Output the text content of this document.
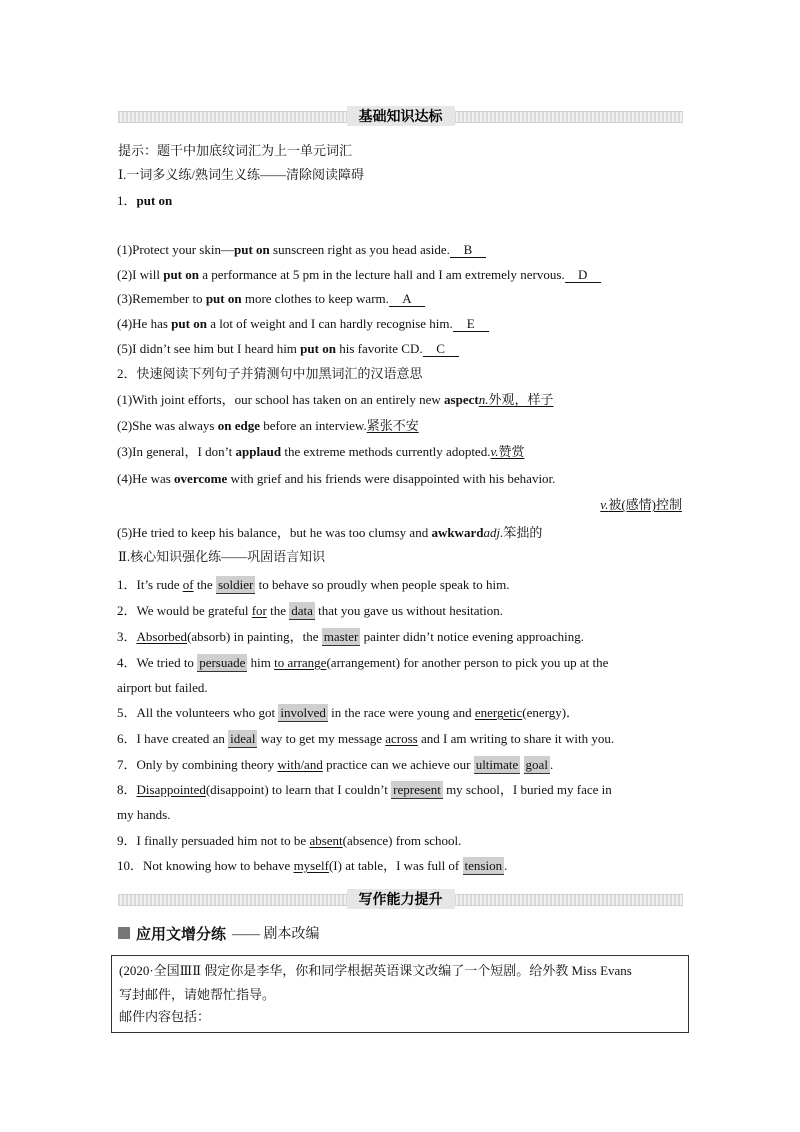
基础知识达标
提示：题干中加底纹词汇为上一单元词汇
Ⅰ.一词多义练/熟词生义练——清除阅读障碍
1．put on
(1)Protect your skin—put on sunscreen right as you head aside. B
(2)I will put on a performance at 5 pm in the lecture hall and I am extremely nervous. D
(3)Remember to put on more clothes to keep warm. A
(4)He has put on a lot of weight and I can hardly recognise him. E
(5)I didn’t see him but I heard him put on his favorite CD. C
2．快速阅读下列句子并猜测句中加黑词汇的汉语意思
(1)With joint efforts，our school has taken on an entirely new aspectn.外观，样子
(2)She was always on edge before an interview.紧张不安
(3)In general，I don’t applaud the extreme methods currently adopted.v.赞赏
(4)He was overcome with grief and his friends were disappointed with his behavior.
v.被(感情)控制
(5)He tried to keep his balance，but he was too clumsy and awkwardadj.笨拙的
Ⅱ.核心知识强化练——巩固语言知识
1．It’s rude of the soldier to behave so proudly when people speak to him.
2．We would be grateful for the data that you gave us without hesitation.
3．Absorbed(absorb) in painting，the master painter didn’t notice evening approaching.
4．We tried to persuade him to arrange(arrangement) for another person to pick you up at the
airport but failed.
5．All the volunteers who got involved in the race were young and energetic(energy)．
6．I have created an ideal way to get my message across and I am writing to share it with you.
7．Only by combining theory with/and practice can we achieve our ultimate goal .
8．Disappointed(disappoint) to learn that I couldn’t represent my school，I buried my face in
my hands.
9．I finally persuaded him not to be absent(absence) from school.
10．Not knowing how to behave myself(I) at table，I was full of tension .
写作能力提升
应用文增分练 —— 剧本改编
(2020·全国ⅢⅡ 假定你是李华，你和同学根据英语课文改编了一个短剧。给外教 Miss Evans
写封邮件，请她帮忙指导。
邮件内容包括：
